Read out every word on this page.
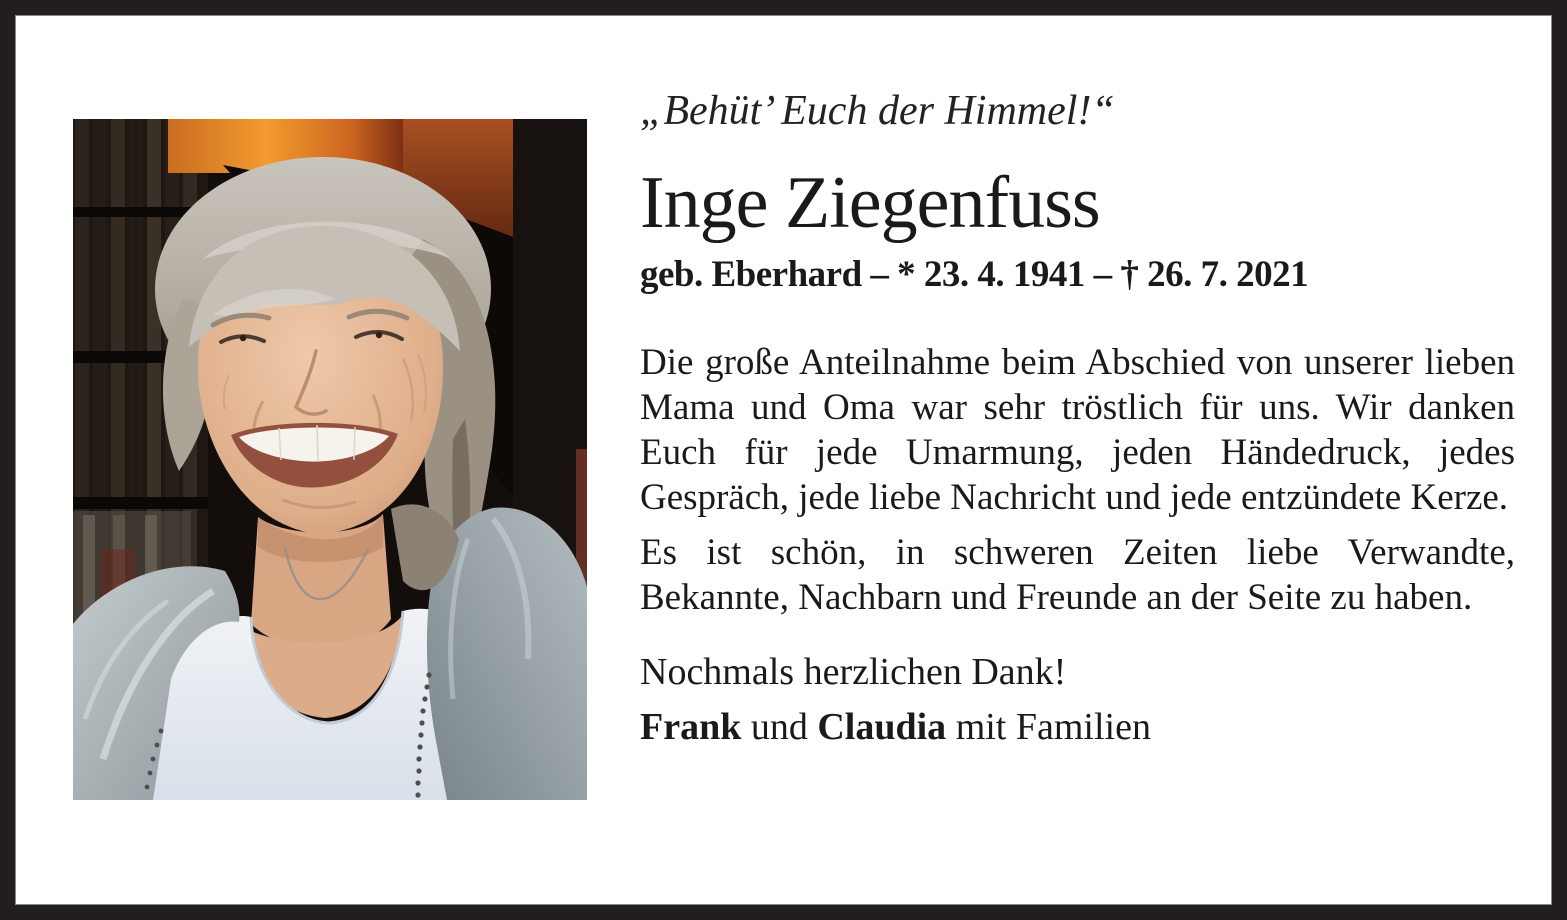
„Behüt’ Euch der Himmel!“
Inge Ziegenfuss
geb. Eberhard – * 23. 4. 1941 – † 26. 7. 2021

Die große Anteilnahme beim Abschied von unserer lieben Mama und Oma war sehr tröstlich für uns. Wir danken Euch für jede Umarmung, jeden Händedruck, jedes Gespräch, jede liebe Nachricht und jede entzündete Kerze.

Es ist schön, in schweren Zeiten liebe Verwandte, Bekannte, Nachbarn und Freunde an der Seite zu haben.

Nochmals herzlichen Dank!
Frank und Claudia mit Familien
